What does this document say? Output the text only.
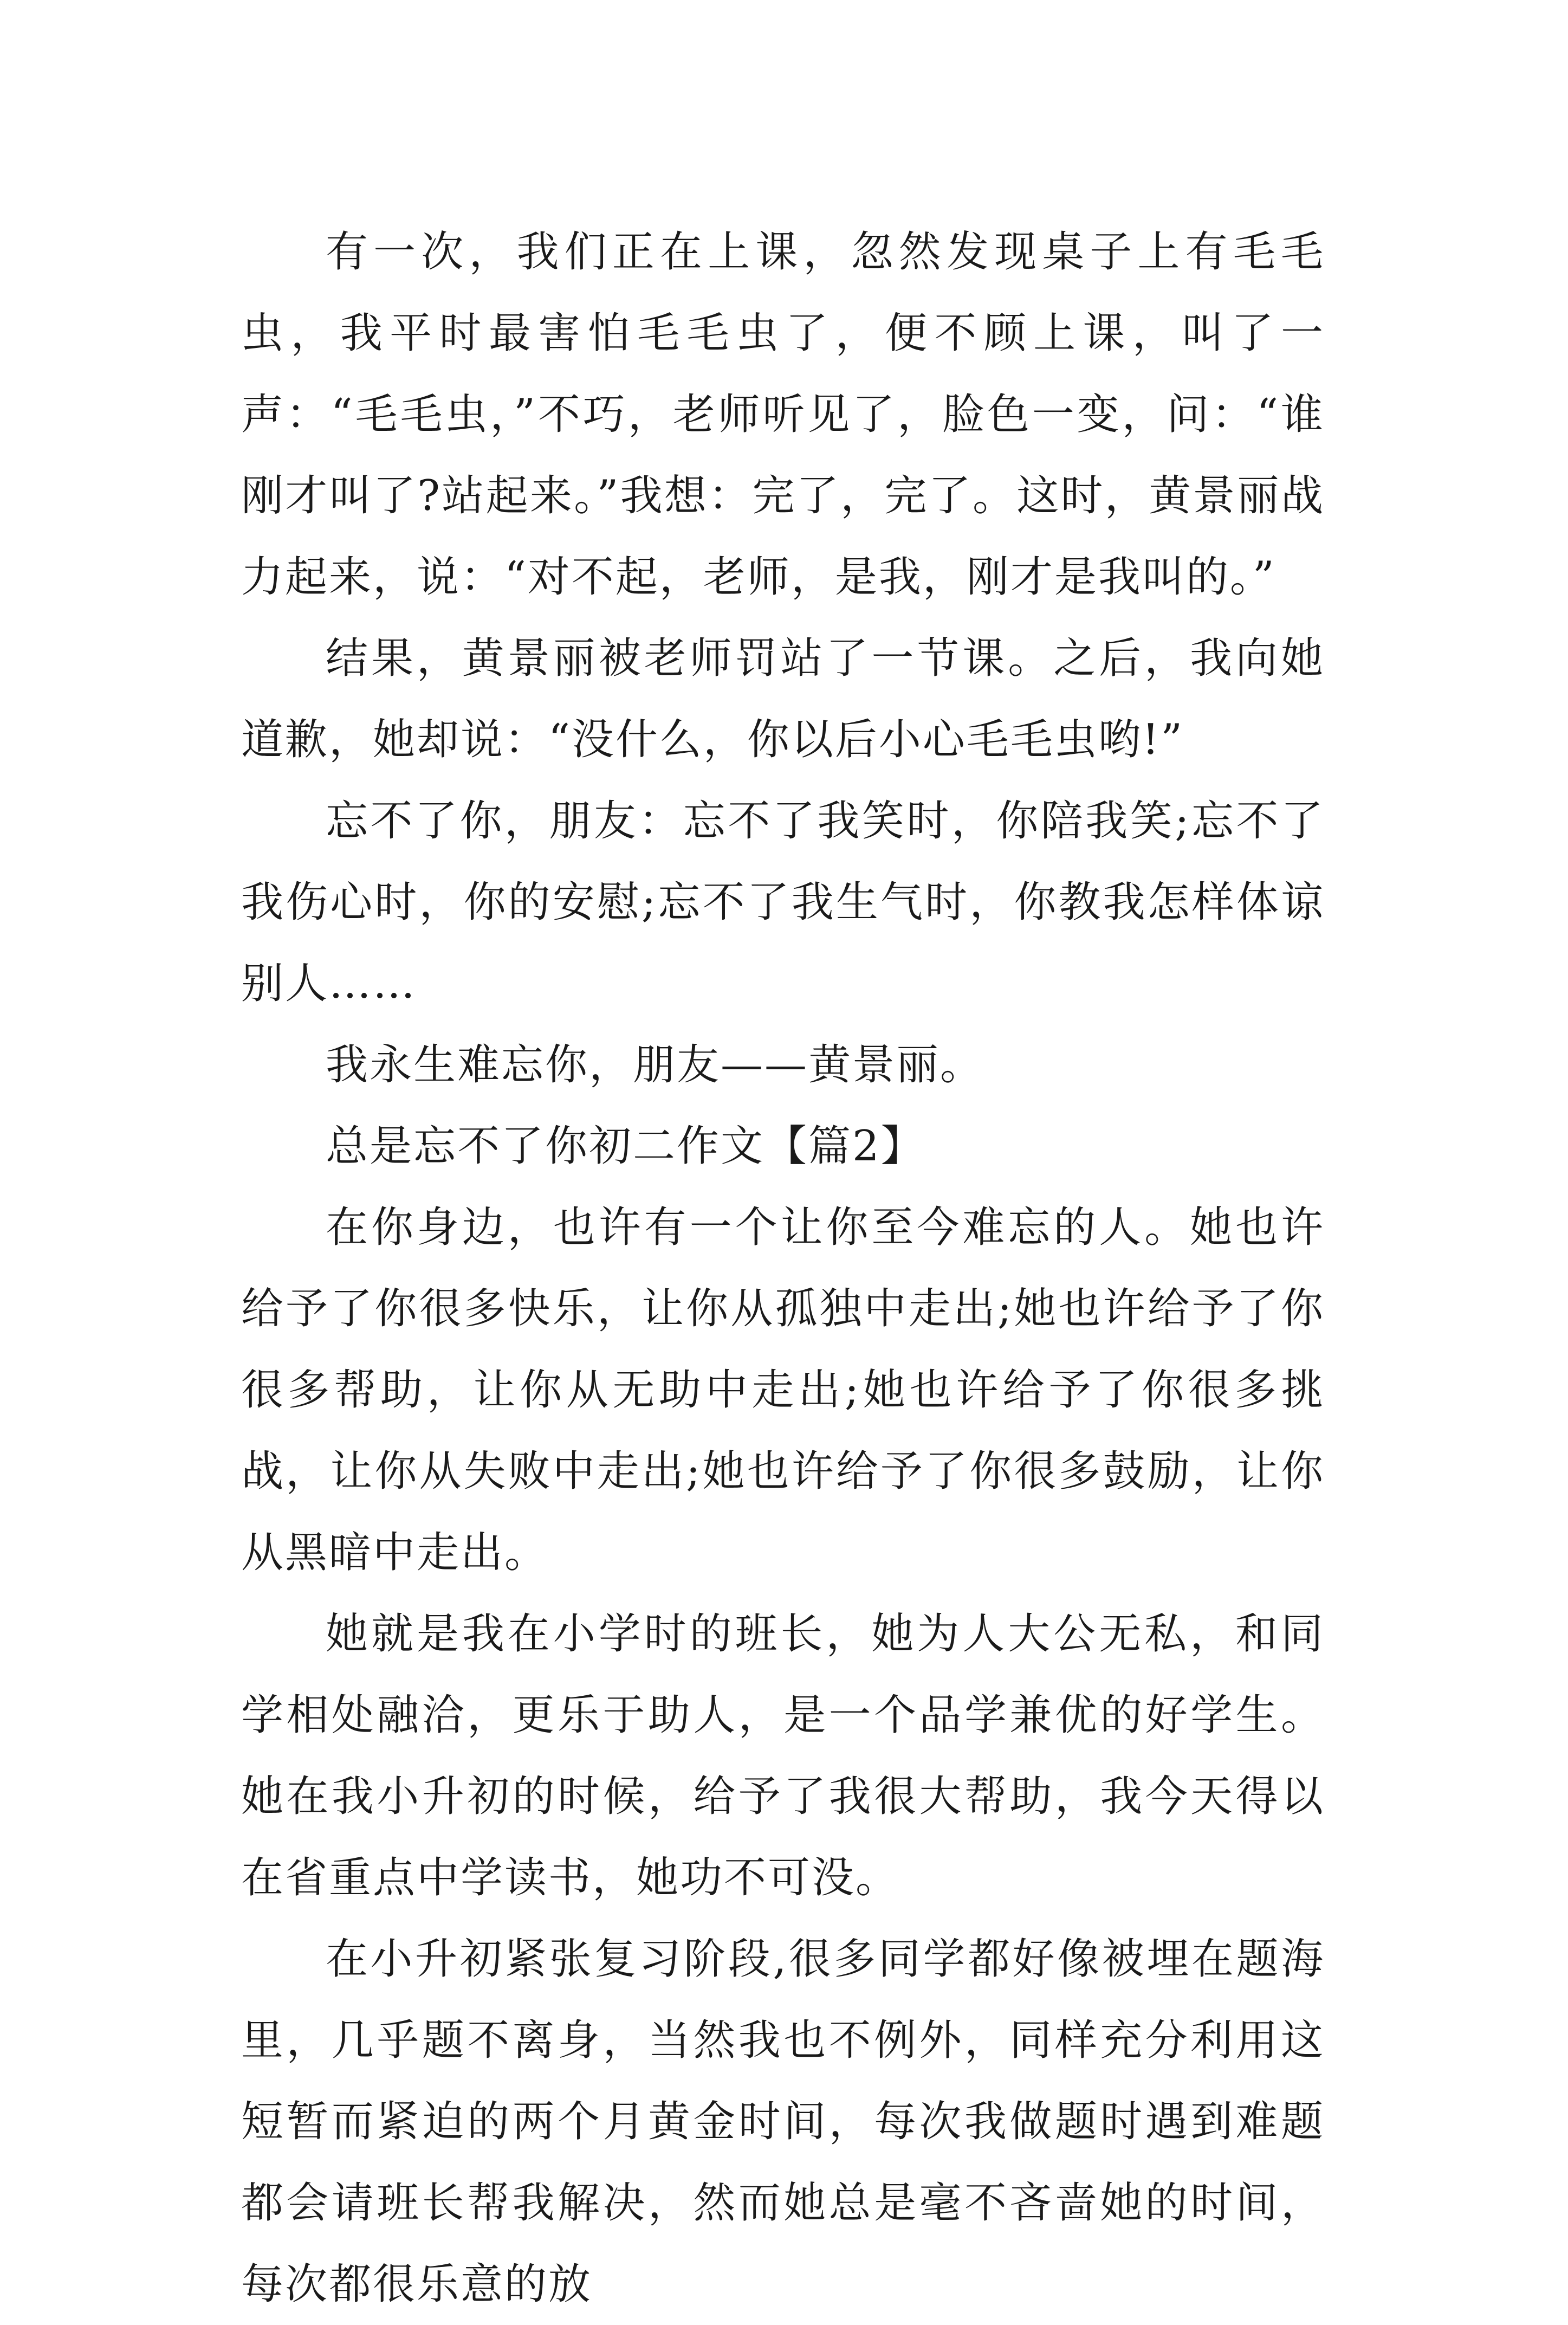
有一次，我们正在上课，忽然发现桌子上有毛毛虫，我平时最害怕毛毛虫了，便不顾上课，叫了一声：“毛毛虫，”不巧，老师听见了，脸色一变，问：“谁刚才叫了?站起来。”我想：完了，完了。这时，黄景丽战力起来，说：“对不起，老师，是我，刚才是我叫的。”

结果，黄景丽被老师罚站了一节课。之后，我向她道歉，她却说：“没什么，你以后小心毛毛虫哟!”

忘不了你，朋友：忘不了我笑时，你陪我笑;忘不了我伤心时，你的安慰;忘不了我生气时，你教我怎样体谅别人……

我永生难忘你，朋友——黄景丽。

总是忘不了你初二作文【篇2】

在你身边，也许有一个让你至今难忘的人。她也许给予了你很多快乐，让你从孤独中走出;她也许给予了你很多帮助，让你从无助中走出;她也许给予了你很多挑战，让你从失败中走出;她也许给予了你很多鼓励，让你从黑暗中走出。

她就是我在小学时的班长，她为人大公无私，和同学相处融洽，更乐于助人，是一个品学兼优的好学生。她在我小升初的时候，给予了我很大帮助，我今天得以在省重点中学读书，她功不可没。

在小升初紧张复习阶段,很多同学都好像被埋在题海里，几乎题不离身，当然我也不例外，同样充分利用这短暂而紧迫的两个月黄金时间，每次我做题时遇到难题都会请班长帮我解决，然而她总是毫不吝啬她的时间，每次都很乐意的放
